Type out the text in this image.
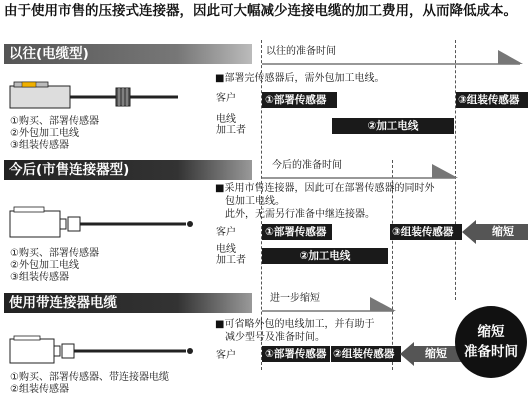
由于使用市售的压接式连接器，因此可大幅减少连接电缆的加工费用，从而降低成本。
以往(电缆型)	以往的准备时间
①购买、部署传感器
②外包加工电线
③组装传感器
■部署完传感器后，需外包加工电线。
客户
电线
加工者
①部署传感器	③组装传感器
②加工电线
今后(市售连接器型)	今后的准备时间
①购买、部署传感器
②外包加工电线
③组装传感器
■采用市售连接器，因此可在部署传感器的同时外
包加工电线。
此外，无需另行准备中继连接器。
客户
电线
加工者
①部署传感器	③组装传感器
②加工电线
缩短
使用带连接器电缆	进一步缩短
①购买、部署传感器、带连接器电缆
②组装传感器
■可省略外包的电线加工，并有助于
减少型号及准备时间。
客户	①部署传感器 ②组装传感器	缩短
缩短
准备时间
